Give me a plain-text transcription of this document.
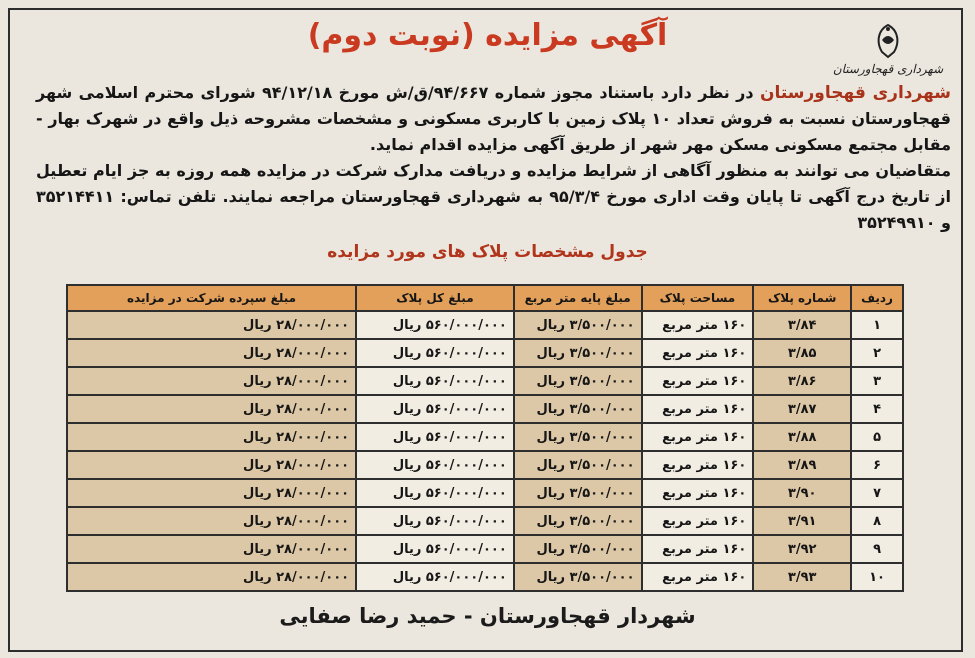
شهرداری قهجاورستان
آگهی مزایده (نوبت دوم)

شهرداری قهجاورستان در نظر دارد باستناد مجوز شماره ۹۴/۶۶۷/ق/ش مورخ ۹۴/۱۲/۱۸ شورای محترم اسلامی شهر قهجاورستان نسبت به فروش تعداد ۱۰ پلاک زمین با کاربری مسکونی و مشخصات مشروحه ذیل واقع در شهرک بهار - مقابل مجتمع مسکونی مسکن مهر شهر از طریق آگهی مزایده اقدام نماید.

متقاضیان می توانند به منظور آگاهی از شرایط مزایده و دریافت مدارک شرکت در مزایده همه روزه به جز ایام تعطیل از تاریخ درج آگهی تا پایان وقت اداری مورخ ۹۵/۳/۴ به شهرداری قهجاورستان مراجعه نمایند. تلفن تماس: ۳۵۲۱۴۴۱۱ و ۳۵۲۴۹۹۱۰

جدول مشخصات پلاک های مورد مزایده
ردیف	شماره پلاک	مساحت پلاک	مبلغ پایه متر مربع	مبلغ کل پلاک	مبلغ سپرده شرکت در مزایده
۱	۳/۸۴	۱۶۰ متر مربع	۳/۵۰۰/۰۰۰ ریال	۵۶۰/۰۰۰/۰۰۰ ریال	۲۸/۰۰۰/۰۰۰ ریال
۲	۳/۸۵	۱۶۰ متر مربع	۳/۵۰۰/۰۰۰ ریال	۵۶۰/۰۰۰/۰۰۰ ریال	۲۸/۰۰۰/۰۰۰ ریال
۳	۳/۸۶	۱۶۰ متر مربع	۳/۵۰۰/۰۰۰ ریال	۵۶۰/۰۰۰/۰۰۰ ریال	۲۸/۰۰۰/۰۰۰ ریال
۴	۳/۸۷	۱۶۰ متر مربع	۳/۵۰۰/۰۰۰ ریال	۵۶۰/۰۰۰/۰۰۰ ریال	۲۸/۰۰۰/۰۰۰ ریال
۵	۳/۸۸	۱۶۰ متر مربع	۳/۵۰۰/۰۰۰ ریال	۵۶۰/۰۰۰/۰۰۰ ریال	۲۸/۰۰۰/۰۰۰ ریال
۶	۳/۸۹	۱۶۰ متر مربع	۳/۵۰۰/۰۰۰ ریال	۵۶۰/۰۰۰/۰۰۰ ریال	۲۸/۰۰۰/۰۰۰ ریال
۷	۳/۹۰	۱۶۰ متر مربع	۳/۵۰۰/۰۰۰ ریال	۵۶۰/۰۰۰/۰۰۰ ریال	۲۸/۰۰۰/۰۰۰ ریال
۸	۳/۹۱	۱۶۰ متر مربع	۳/۵۰۰/۰۰۰ ریال	۵۶۰/۰۰۰/۰۰۰ ریال	۲۸/۰۰۰/۰۰۰ ریال
۹	۳/۹۲	۱۶۰ متر مربع	۳/۵۰۰/۰۰۰ ریال	۵۶۰/۰۰۰/۰۰۰ ریال	۲۸/۰۰۰/۰۰۰ ریال
۱۰	۳/۹۳	۱۶۰ متر مربع	۳/۵۰۰/۰۰۰ ریال	۵۶۰/۰۰۰/۰۰۰ ریال	۲۸/۰۰۰/۰۰۰ ریال
شهردار قهجاورستان - حمید رضا صفایی
